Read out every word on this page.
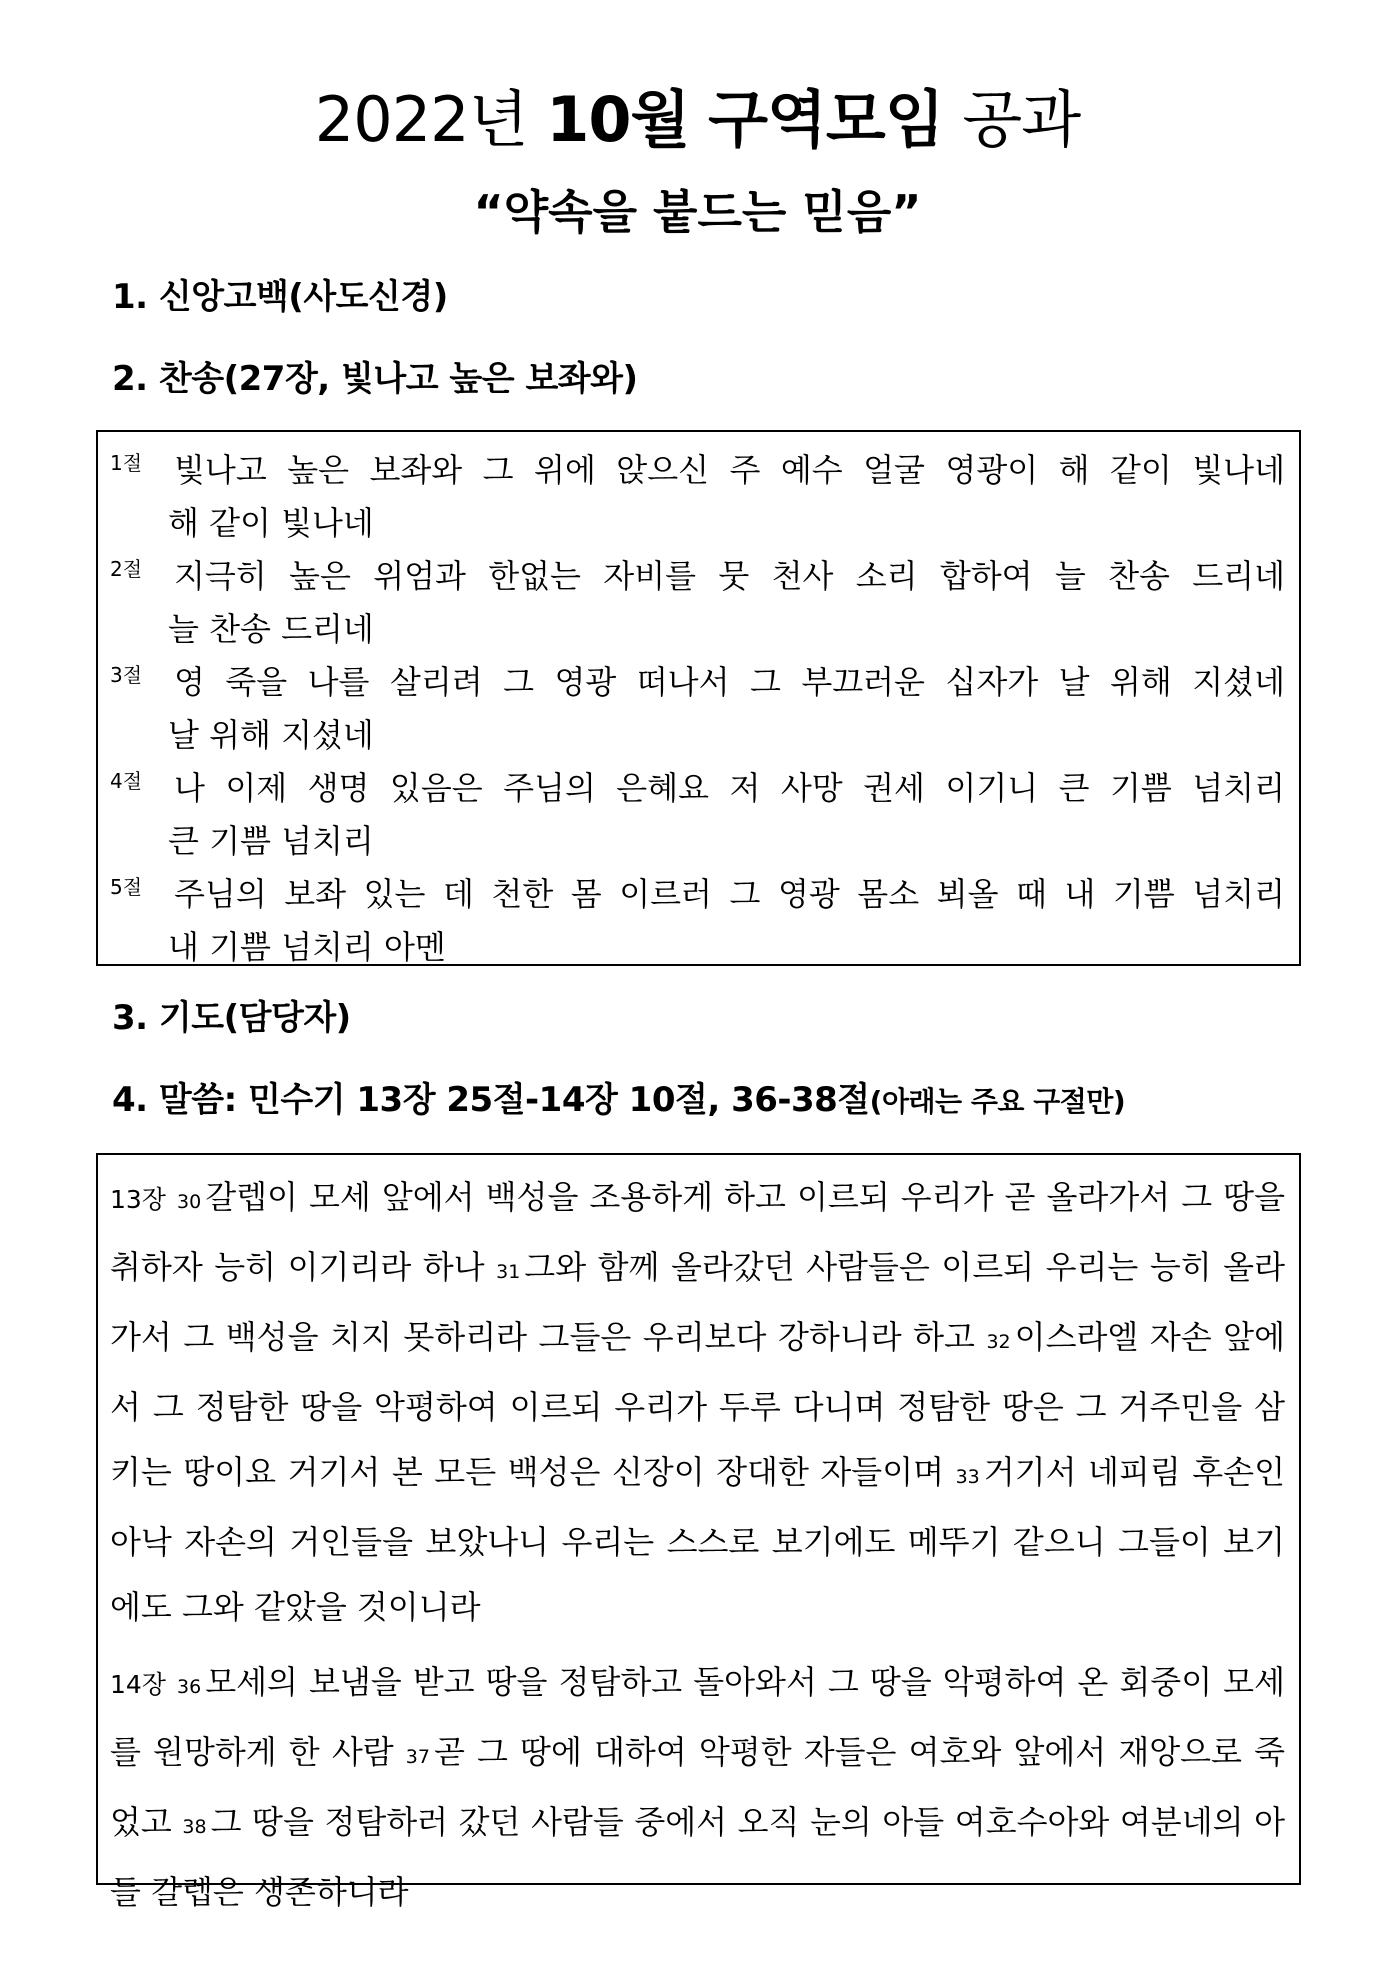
2022년 10월 구역모임 공과
“약속을 붙드는 믿음”
1. 신앙고백(사도신경)
2. 찬송(27장, 빛나고 높은 보좌와)
1절 빛나고 높은 보좌와 그 위에 앉으신 주 예수 얼굴 영광이 해 같이 빛나네
해 같이 빛나네
2절 지극히 높은 위엄과 한없는 자비를 뭇 천사 소리 합하여 늘 찬송 드리네
늘 찬송 드리네
3절 영 죽을 나를 살리려 그 영광 떠나서 그 부끄러운 십자가 날 위해 지셨네
날 위해 지셨네
4절 나 이제 생명 있음은 주님의 은혜요 저 사망 권세 이기니 큰 기쁨 넘치리
큰 기쁨 넘치리
5절 주님의 보좌 있는 데 천한 몸 이르러 그 영광 몸소 뵈올 때 내 기쁨 넘치리
내 기쁨 넘치리 아멘
3. 기도(담당자)
4. 말씀: 민수기 13장 25절-14장 10절, 36-38절(아래는 주요 구절만)
13장 30 갈렙이 모세 앞에서 백성을 조용하게 하고 이르되 우리가 곧 올라가서 그 땅을 취하자 능히 이기리라 하나 31 그와 함께 올라갔던 사람들은 이르되 우리는 능히 올라가서 그 백성을 치지 못하리라 그들은 우리보다 강하니라 하고 32 이스라엘 자손 앞에서 그 정탐한 땅을 악평하여 이르되 우리가 두루 다니며 정탐한 땅은 그 거주민을 삼키는 땅이요 거기서 본 모든 백성은 신장이 장대한 자들이며 33 거기서 네피림 후손인 아낙 자손의 거인들을 보았나니 우리는 스스로 보기에도 메뚜기 같으니 그들이 보기에도 그와 같았을 것이니라
14장 36 모세의 보냄을 받고 땅을 정탐하고 돌아와서 그 땅을 악평하여 온 회중이 모세를 원망하게 한 사람 37 곧 그 땅에 대하여 악평한 자들은 여호와 앞에서 재앙으로 죽었고 38 그 땅을 정탐하러 갔던 사람들 중에서 오직 눈의 아들 여호수아와 여분네의 아들 갈렙은 생존하니라
